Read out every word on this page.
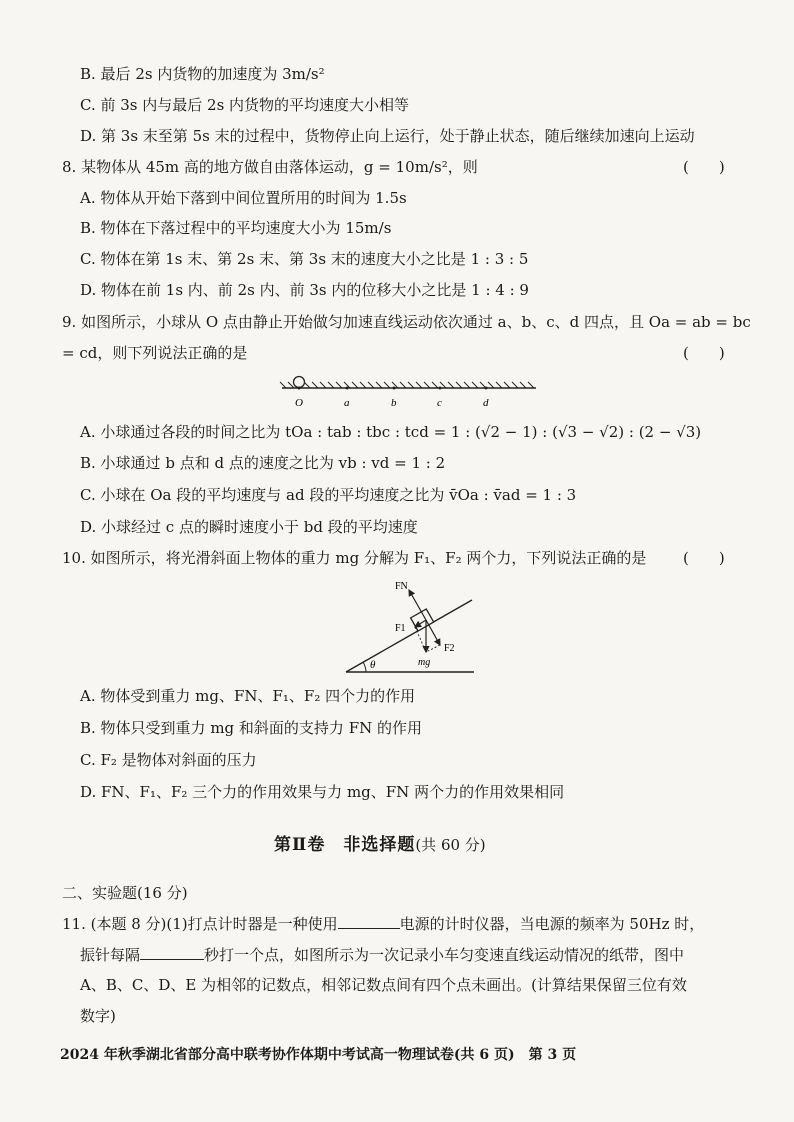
B. 最后 2s 内货物的加速度为 3m/s²
C. 前 3s 内与最后 2s 内货物的平均速度大小相等
D. 第 3s 末至第 5s 末的过程中，货物停止向上运行，处于静止状态，随后继续加速向上运动
8. 某物体从 45m 高的地方做自由落体运动，g = 10m/s²，则	(　　)
A. 物体从开始下落到中间位置所用的时间为 1.5s
B. 物体在下落过程中的平均速度大小为 15m/s
C. 物体在第 1s 末、第 2s 末、第 3s 末的速度大小之比是 1 : 3 : 5
D. 物体在前 1s 内、前 2s 内、前 3s 内的位移大小之比是 1 : 4 : 9
9. 如图所示，小球从 O 点由静止开始做匀加速直线运动依次通过 a、b、c、d 四点，且 Oa = ab = bc
= cd，则下列说法正确的是	(　　)
O	a	b	c	d
A. 小球通过各段的时间之比为 tOa : tab : tbc : tcd = 1 : (√2 − 1) : (√3 − √2) : (2 − √3)
B. 小球通过 b 点和 d 点的速度之比为 vb : vd = 1 : 2
C. 小球在 Oa 段的平均速度与 ad 段的平均速度之比为 v̄Oa : v̄ad = 1 : 3
D. 小球经过 c 点的瞬时速度小于 bd 段的平均速度
10. 如图所示，将光滑斜面上物体的重力 mg 分解为 F₁、F₂ 两个力，下列说法正确的是 (　　)
θ
FN
F1
F2
mg
A. 物体受到重力 mg、FN、F₁、F₂ 四个力的作用
B. 物体只受到重力 mg 和斜面的支持力 FN 的作用
C. F₂ 是物体对斜面的压力
D. FN、F₁、F₂ 三个力的作用效果与力 mg、FN 两个力的作用效果相同
第Ⅱ卷　非选择题(共 60 分)
二、实验题(16 分)
11. (本题 8 分)(1)打点计时器是一种使用	电源的计时仪器，当电源的频率为 50Hz 时，
振针每隔	秒打一个点，如图所示为一次记录小车匀变速直线运动情况的纸带，图中
A、B、C、D、E 为相邻的记数点，相邻记数点间有四个点未画出。(计算结果保留三位有效
数字)
2024 年秋季湖北省部分高中联考协作体期中考试高一物理试卷(共 6 页)　第 3 页
